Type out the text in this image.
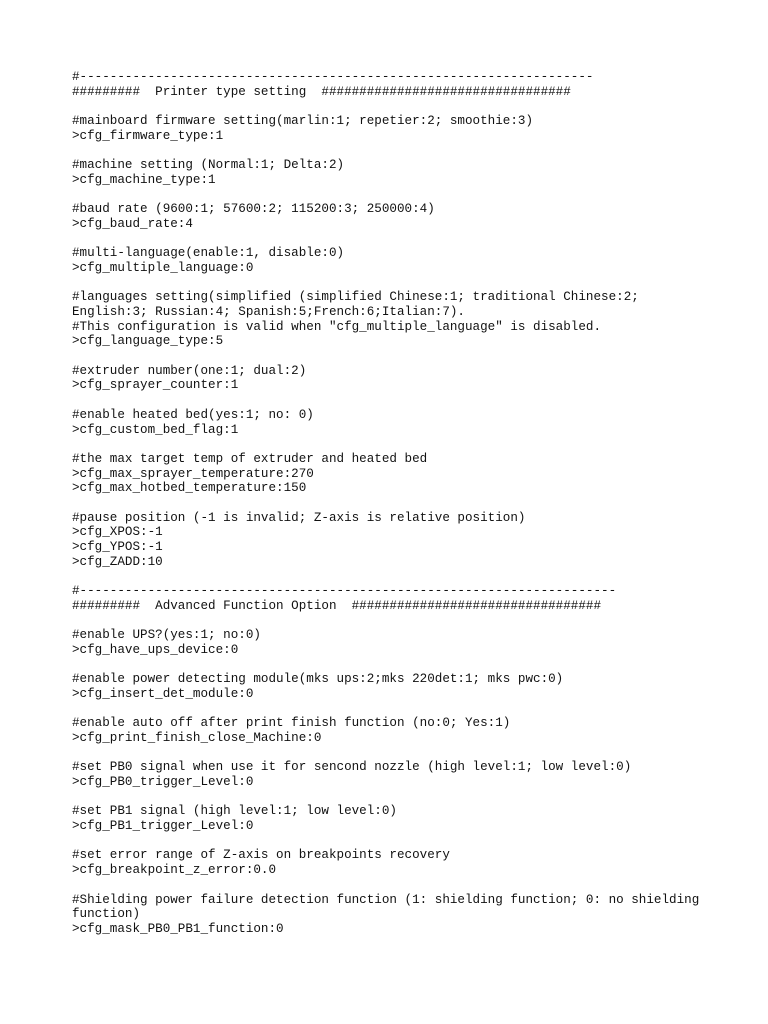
#--------------------------------------------------------------------
#########  Printer type setting  #################################
#mainboard firmware setting(marlin:1; repetier:2; smoothie:3)
>cfg_firmware_type:1
#machine setting (Normal:1; Delta:2)
>cfg_machine_type:1
#baud rate (9600:1; 57600:2; 115200:3; 250000:4)
>cfg_baud_rate:4
#multi-language(enable:1, disable:0)
>cfg_multiple_language:0
#languages setting(simplified (simplified Chinese:1; traditional Chinese:2;
English:3; Russian:4; Spanish:5;French:6;Italian:7).
#This configuration is valid when "cfg_multiple_language" is disabled.
>cfg_language_type:5
#extruder number(one:1; dual:2)
>cfg_sprayer_counter:1
#enable heated bed(yes:1; no: 0)
>cfg_custom_bed_flag:1
#the max target temp of extruder and heated bed
>cfg_max_sprayer_temperature:270
>cfg_max_hotbed_temperature:150
#pause position (-1 is invalid; Z-axis is relative position)
>cfg_XPOS:-1
>cfg_YPOS:-1
>cfg_ZADD:10
#-----------------------------------------------------------------------
#########  Advanced Function Option  #################################
#enable UPS?(yes:1; no:0)
>cfg_have_ups_device:0
#enable power detecting module(mks ups:2;mks 220det:1; mks pwc:0)
>cfg_insert_det_module:0
#enable auto off after print finish function (no:0; Yes:1)
>cfg_print_finish_close_Machine:0
#set PB0 signal when use it for sencond nozzle (high level:1; low level:0)
>cfg_PB0_trigger_Level:0
#set PB1 signal (high level:1; low level:0)
>cfg_PB1_trigger_Level:0
#set error range of Z-axis on breakpoints recovery
>cfg_breakpoint_z_error:0.0
#Shielding power failure detection function (1: shielding function; 0: no shielding
function)
>cfg_mask_PB0_PB1_function:0
